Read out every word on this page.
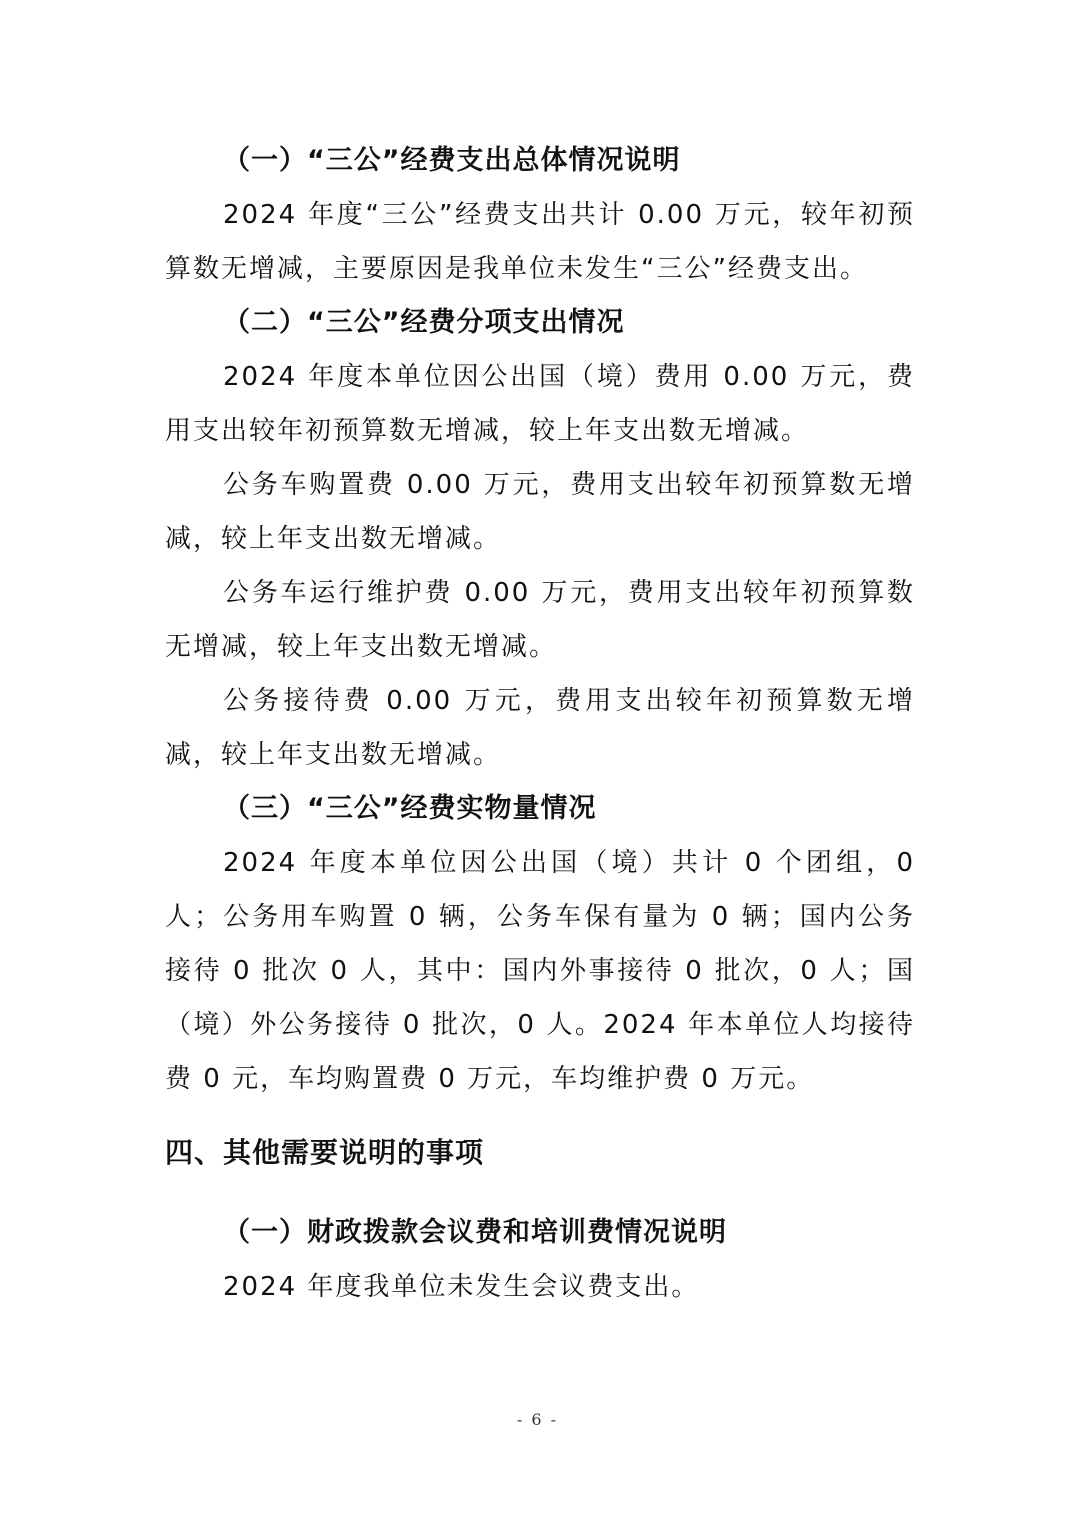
（一）“三公”经费支出总体情况说明

2024 年度“三公”经费支出共计 0.00 万元，较年初预算数无增减，主要原因是我单位未发生“三公”经费支出。

（二）“三公”经费分项支出情况

2024 年度本单位因公出国（境）费用 0.00 万元，费用支出较年初预算数无增减，较上年支出数无增减。

公务车购置费 0.00 万元，费用支出较年初预算数无增减，较上年支出数无增减。

公务车运行维护费 0.00 万元，费用支出较年初预算数无增减，较上年支出数无增减。

公务接待费 0.00 万元，费用支出较年初预算数无增减，较上年支出数无增减。

（三）“三公”经费实物量情况

2024 年度本单位因公出国（境）共计 0 个团组，0 人；公务用车购置 0 辆，公务车保有量为 0 辆；国内公务接待 0 批次 0 人，其中：国内外事接待 0 批次，0 人；国（境）外公务接待 0 批次，0 人。2024 年本单位人均接待费 0 元，车均购置费 0 万元，车均维护费 0 万元。

四、其他需要说明的事项
（一）财政拨款会议费和培训费情况说明

2024 年度我单位未发生会议费支出。

- 6 -
